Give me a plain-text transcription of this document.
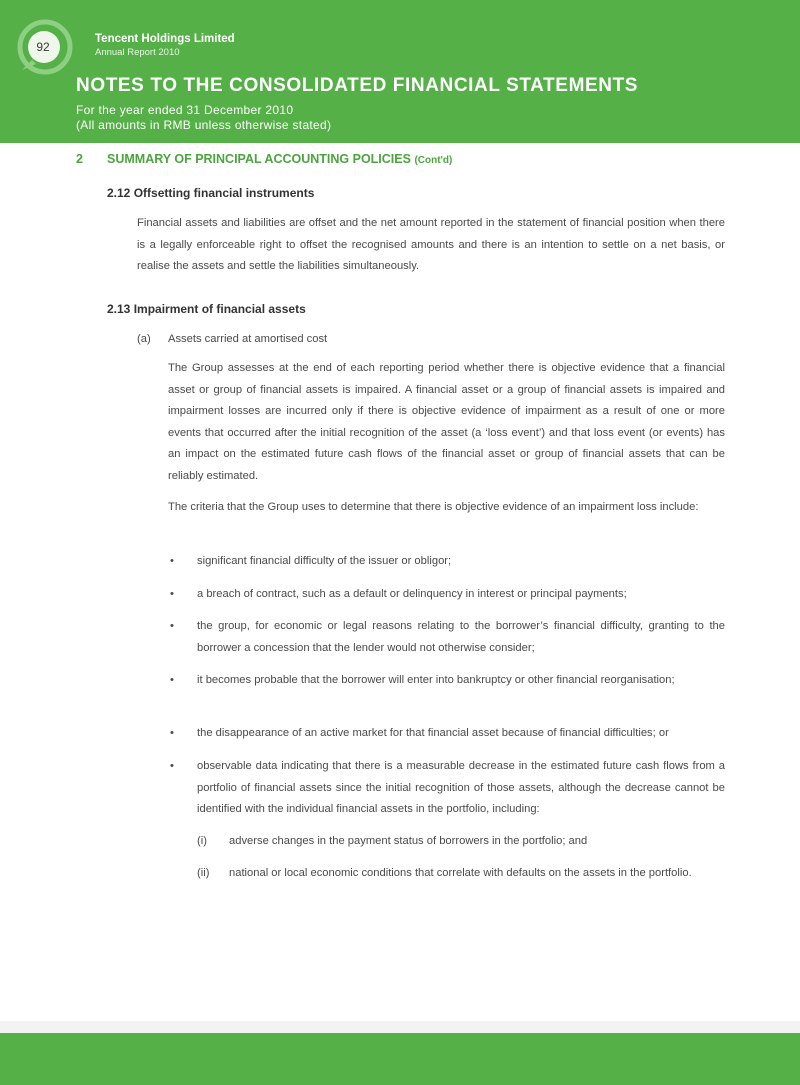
92
Tencent Holdings Limited
Annual Report 2010
NOTES TO THE CONSOLIDATED FINANCIAL STATEMENTS
For the year ended 31 December 2010
(All amounts in RMB unless otherwise stated)
2 SUMMARY OF PRINCIPAL ACCOUNTING POLICIES (Cont'd)
2.12 Offsetting financial instruments
Financial assets and liabilities are offset and the net amount reported in the statement of financial position when there is a legally enforceable right to offset the recognised amounts and there is an intention to settle on a net basis, or realise the assets and settle the liabilities simultaneously.
2.13 Impairment of financial assets
(a) Assets carried at amortised cost
The Group assesses at the end of each reporting period whether there is objective evidence that a financial asset or group of financial assets is impaired. A financial asset or a group of financial assets is impaired and impairment losses are incurred only if there is objective evidence of impairment as a result of one or more events that occurred after the initial recognition of the asset (a ‘loss event’) and that loss event (or events) has an impact on the estimated future cash flows of the financial asset or group of financial assets that can be reliably estimated.
The criteria that the Group uses to determine that there is objective evidence of an impairment loss include:
• significant financial difficulty of the issuer or obligor;
• a breach of contract, such as a default or delinquency in interest or principal payments;
• the group, for economic or legal reasons relating to the borrower’s financial difficulty, granting to the borrower a concession that the lender would not otherwise consider;
• it becomes probable that the borrower will enter into bankruptcy or other financial reorganisation;
• the disappearance of an active market for that financial asset because of financial difficulties; or
• observable data indicating that there is a measurable decrease in the estimated future cash flows from a portfolio of financial assets since the initial recognition of those assets, although the decrease cannot be identified with the individual financial assets in the portfolio, including:
(i) adverse changes in the payment status of borrowers in the portfolio; and
(ii) national or local economic conditions that correlate with defaults on the assets in the portfolio.
